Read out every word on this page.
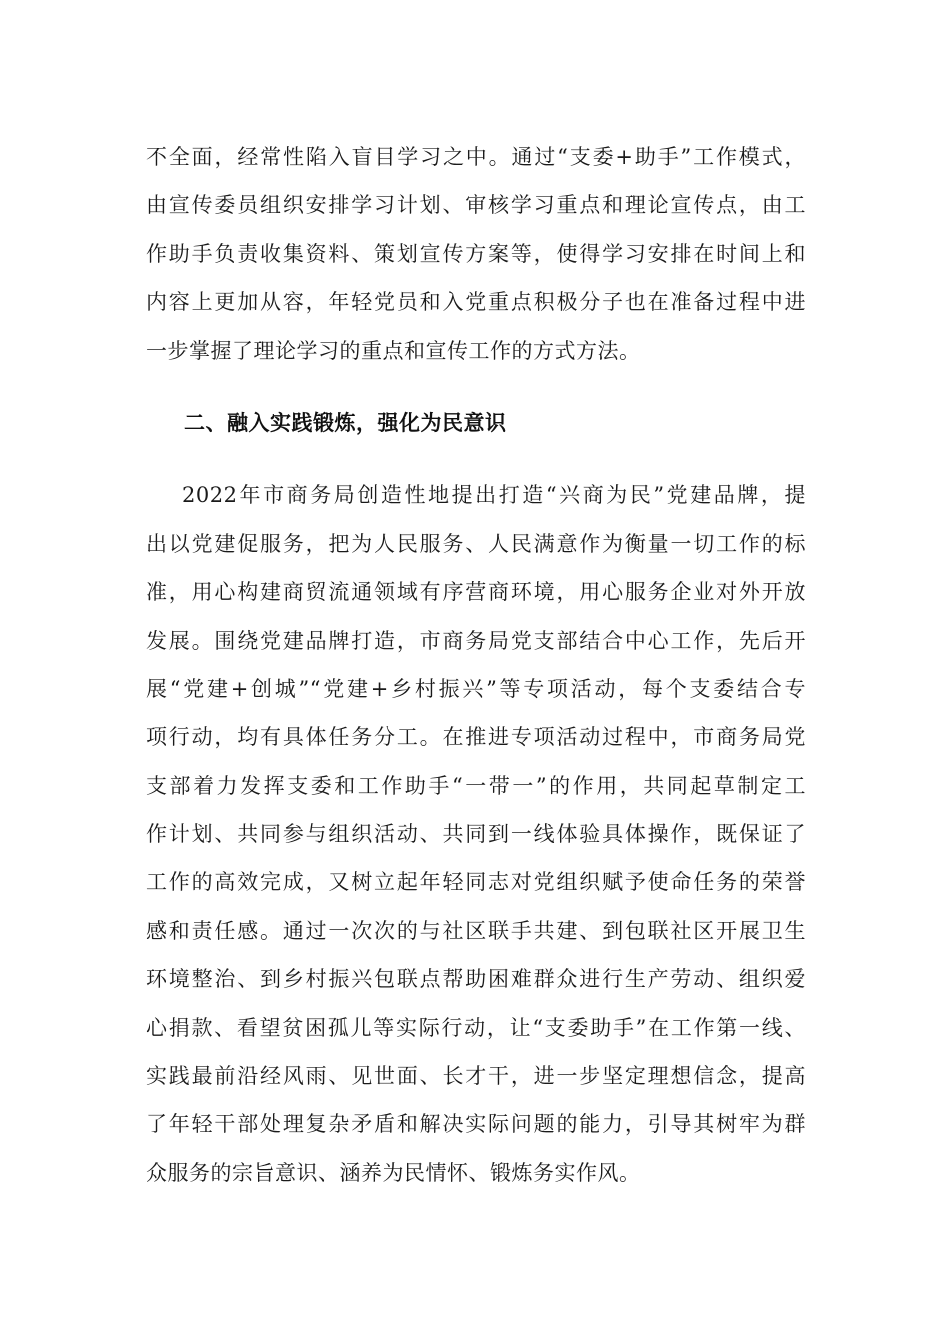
不全面，经常性陷入盲目学习之中。通过“支委+助手”工作模式，
由宣传委员组织安排学习计划、审核学习重点和理论宣传点，由工
作助手负责收集资料、策划宣传方案等，使得学习安排在时间上和
内容上更加从容，年轻党员和入党重点积极分子也在准备过程中进
一步掌握了理论学习的重点和宣传工作的方式方法。
二、融入实践锻炼，强化为民意识
2022年市商务局创造性地提出打造“兴商为民”党建品牌，提
出以党建促服务，把为人民服务、人民满意作为衡量一切工作的标
准，用心构建商贸流通领域有序营商环境，用心服务企业对外开放
发展。围绕党建品牌打造，市商务局党支部结合中心工作，先后开
展“党建+创城”“党建+乡村振兴”等专项活动，每个支委结合专
项行动，均有具体任务分工。在推进专项活动过程中，市商务局党
支部着力发挥支委和工作助手“一带一”的作用，共同起草制定工
作计划、共同参与组织活动、共同到一线体验具体操作，既保证了
工作的高效完成，又树立起年轻同志对党组织赋予使命任务的荣誉
感和责任感。通过一次次的与社区联手共建、到包联社区开展卫生
环境整治、到乡村振兴包联点帮助困难群众进行生产劳动、组织爱
心捐款、看望贫困孤儿等实际行动，让“支委助手”在工作第一线、
实践最前沿经风雨、见世面、长才干，进一步坚定理想信念，提高
了年轻干部处理复杂矛盾和解决实际问题的能力，引导其树牢为群
众服务的宗旨意识、涵养为民情怀、锻炼务实作风。
